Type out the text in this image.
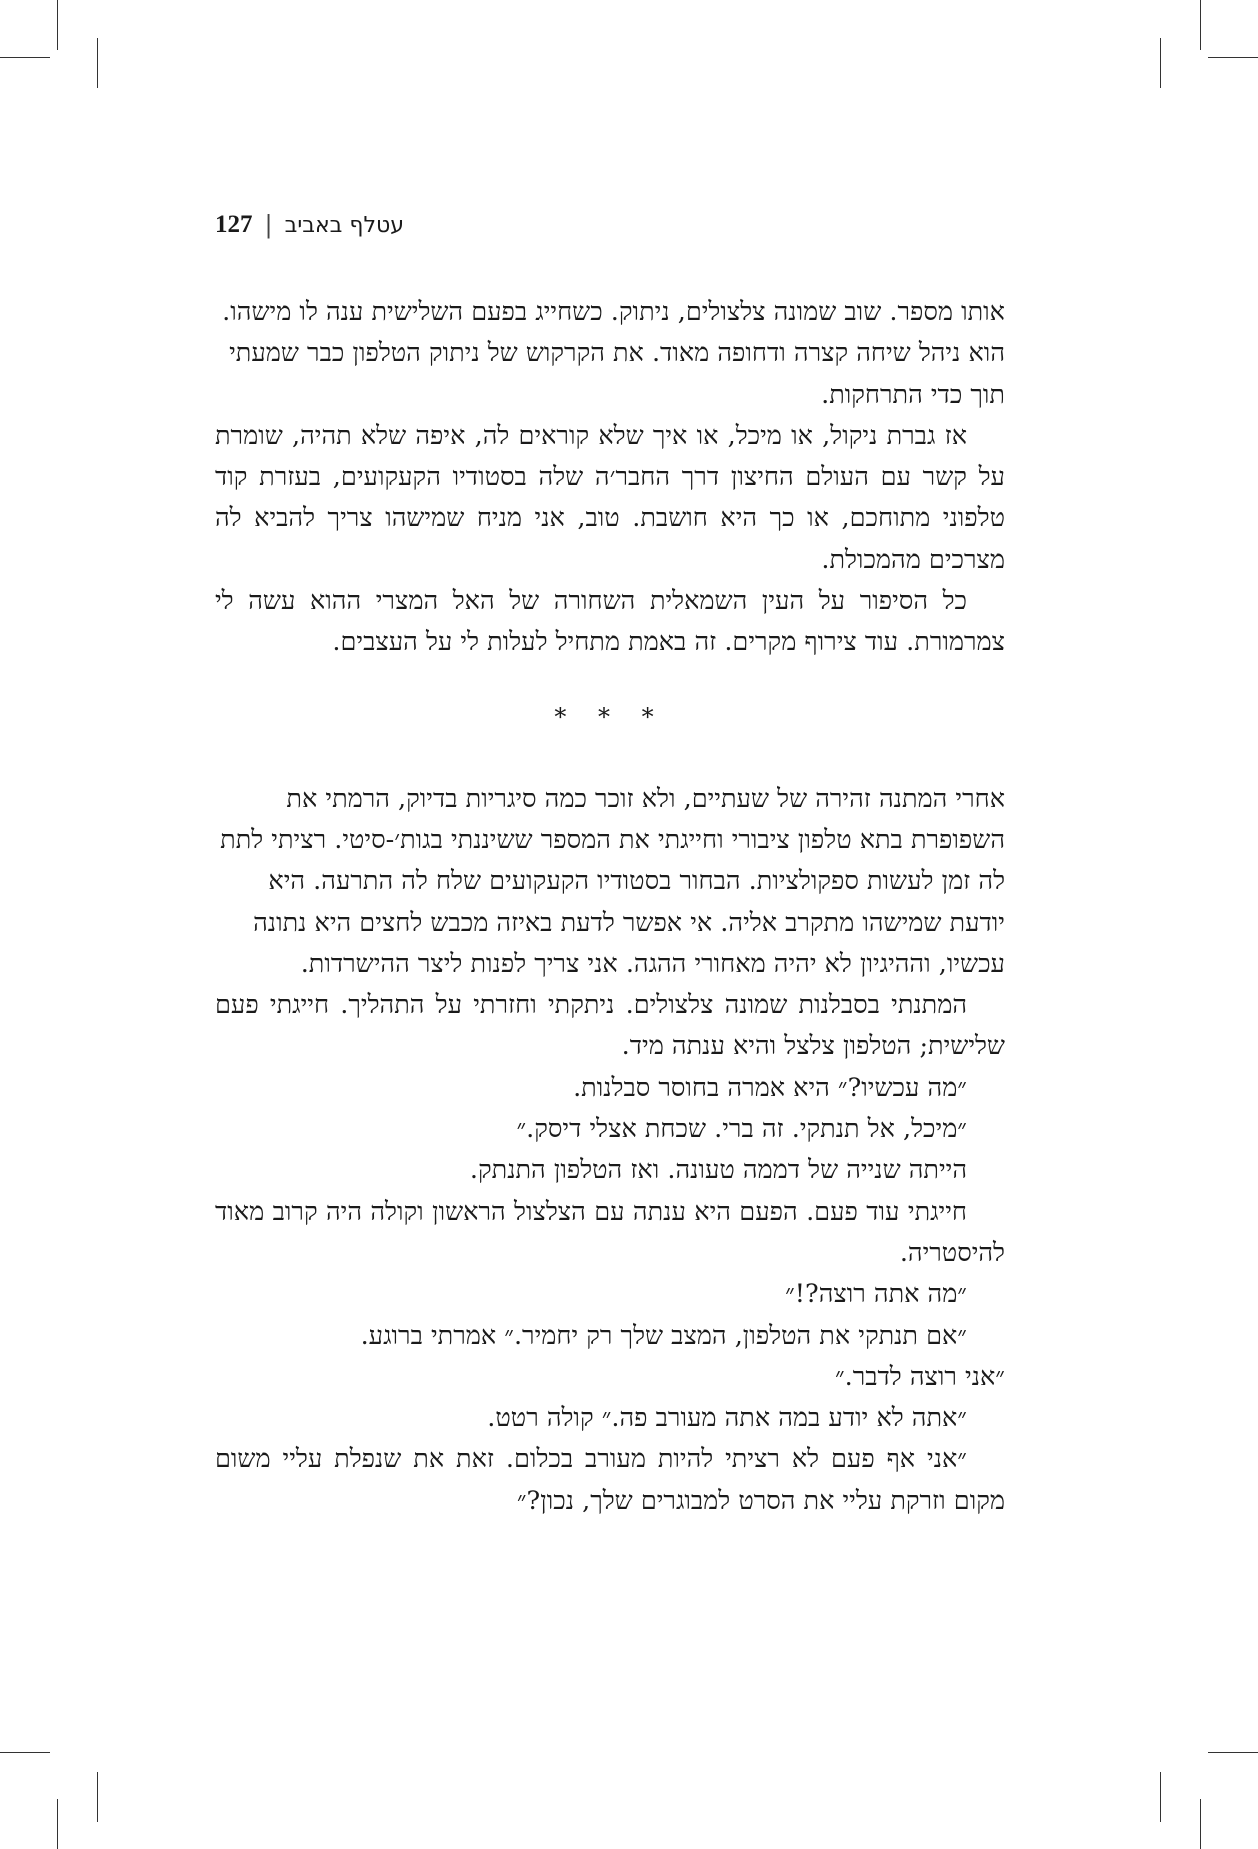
127 | עטלף באביב

אותו מספר. שוב שמונה צלצולים, ניתוק. כשחייג בפעם השלישית ענה לו מישהו. הוא ניהל שיחה קצרה ודחופה מאוד. את הקרקוש של ניתוק הטלפון כבר שמעתי תוך כדי התרחקות.

אז גברת ניקול, או מיכל, או איך שלא קוראים לה, איפה שלא תהיה, שומרת על קשר עם העולם החיצון דרך החבר׳ה שלה בסטודיו הקעקועים, בעזרת קוד טלפוני מתוחכם, או כך היא חושבת. טוב, אני מניח שמישהו צריך להביא לה מצרכים מהמכולת.

כל הסיפור על העין השמאלית השחורה של האל המצרי ההוא עשה לי צמרמורת. עוד צירוף מקרים. זה באמת מתחיל לעלות לי על העצבים.

* * *

אחרי המתנה זהירה של שעתיים, ולא זוכר כמה סיגריות בדיוק, הרמתי את השפופרת בתא טלפון ציבורי וחייגתי את המספר ששיננתי בגות׳-סיטי. רציתי לתת לה זמן לעשות ספקולציות. הבחור בסטודיו הקעקועים שלח לה התרעה. היא יודעת שמישהו מתקרב אליה. אי אפשר לדעת באיזה מכבש לחצים היא נתונה עכשיו, וההיגיון לא יהיה מאחורי ההגה. אני צריך לפנות ליצר ההישרדות.

המתנתי בסבלנות שמונה צלצולים. ניתקתי וחזרתי על התהליך. חייגתי פעם שלישית; הטלפון צלצל והיא ענתה מיד.

״מה עכשיו?״ היא אמרה בחוסר סבלנות.

״מיכל, אל תנתקי. זה ברי. שכחת אצלי דיסק.״

הייתה שנייה של דממה טעונה. ואז הטלפון התנתק.

חייגתי עוד פעם. הפעם היא ענתה עם הצלצול הראשון וקולה היה קרוב מאוד להיסטריה.

״מה אתה רוצה?!״

״אם תנתקי את הטלפון, המצב שלך רק יחמיר.״ אמרתי ברוגע.

״אני רוצה לדבר.״

״אתה לא יודע במה אתה מעורב פה.״ קולה רטט.

״אני אף פעם לא רציתי להיות מעורב בכלום. זאת את שנפלת עליי משום מקום וזרקת עליי את הסרט למבוגרים שלך, נכון?״
